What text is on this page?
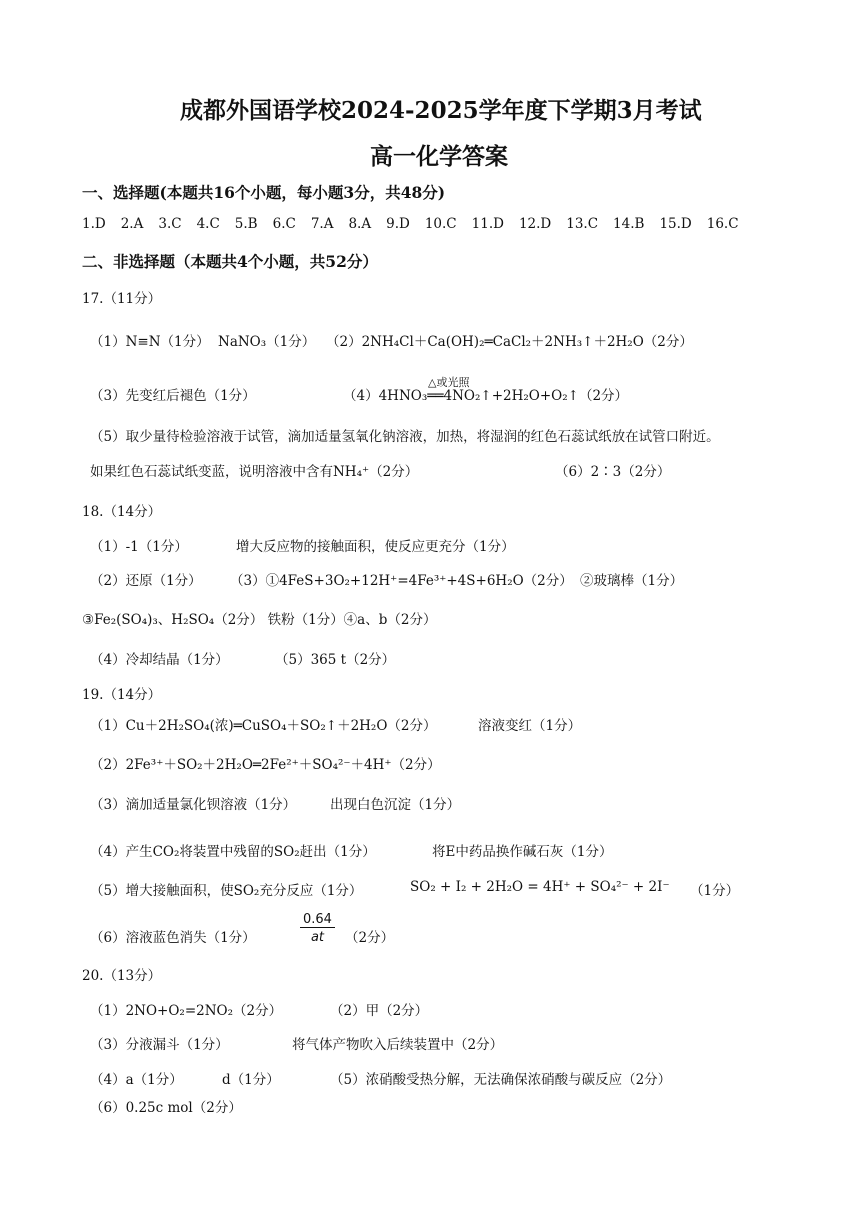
成都外国语学校2024-2025学年度下学期3月考试
高一化学答案
一、选择题(本题共16个小题，每小题3分，共48分)
1.D 2.A 3.C 4.C 5.B 6.C 7.A 8.A 9.D 10.C 11.D 12.D 13.C 14.B 15.D 16.C
二、非选择题（本题共4个小题，共52分）
17.（11分）
（1）N≡N（1分） NaNO₃（1分） （2）2NH₄Cl＋Ca(OH)₂═CaCl₂＋2NH₃↑＋2H₂O（2分）
（3）先变红后褪色（1分）
△或光照
（4）4HNO₃══4NO₂↑+2H₂O+O₂↑（2分）
（5）取少量待检验溶液于试管，滴加适量氢氧化钠溶液，加热，将湿润的红色石蕊试纸放在试管口附近。
如果红色石蕊试纸变蓝，说明溶液中含有NH₄⁺（2分）	（6）2∶3（2分）
18.（14分）
（1）-1（1分）	增大反应物的接触面积，使反应更充分（1分）
（2）还原（1分） （3）①4FeS+3O₂+12H⁺=4Fe³⁺+4S+6H₂O（2分） ②玻璃棒（1分）
③Fe₂(SO₄)₃、H₂SO₄（2分） 铁粉（1分）④a、b（2分）
（4）冷却结晶（1分）	（5）365 t（2分）
19.（14分）
（1）Cu＋2H₂SO₄(浓)═CuSO₄＋SO₂↑＋2H₂O（2分）	溶液变红（1分）
（2）2Fe³⁺＋SO₂＋2H₂O═2Fe²⁺＋SO₄²⁻＋4H⁺（2分）
（3）滴加适量氯化钡溶液（1分）	出现白色沉淀（1分）
（4）产生CO₂将装置中残留的SO₂赶出（1分）	将E中药品换作碱石灰（1分）
（5）增大接触面积，使SO₂充分反应（1分）	SO₂ + I₂ + 2H₂O = 4H⁺ + SO₄²⁻ + 2I⁻ （1分）
（6）溶液蓝色消失（1分）	$\frac{0.64}{at} (2$分）
20.（13分）
（1）2NO+O₂=2NO₂（2分）	（2）甲（2分）
（3）分液漏斗（1分）	将气体产物吹入后续装置中（2分）
（4）a（1分）	d（1分）	（5）浓硝酸受热分解，无法确保浓硝酸与碳反应（2分）
（6）0.25c mol（2分）
